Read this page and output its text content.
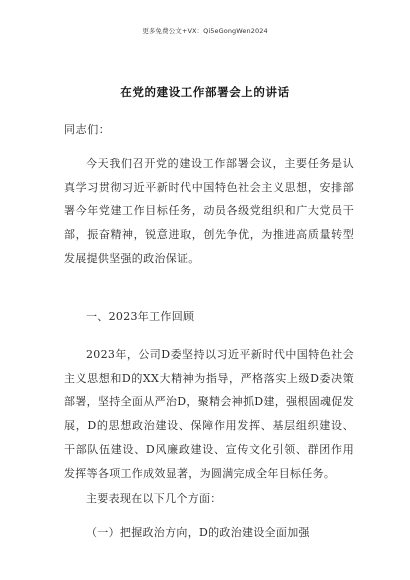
更多免费公文+VX：Qi5eGongWen2024
在党的建设工作部署会上的讲话
同志们：

今天我们召开党的建设工作部署会议，主要任务是认真学习贯彻习近平新时代中国特色社会主义思想，安排部署今年党建工作目标任务，动员各级党组织和广大党员干部，振奋精神，锐意进取，创先争优，为推进高质量转型发展提供坚强的政治保证。

一、2023年工作回顾

2023年，公司D委坚持以习近平新时代中国特色社会主义思想和D的XX大精神为指导，严格落实上级D委决策部署，坚持全面从严治D，聚精会神抓D建，强根固魂促发展，D的思想政治建设、保障作用发挥、基层组织建设、干部队伍建设、D风廉政建设、宣传文化引领、群团作用发挥等各项工作成效显著，为圆满完成全年目标任务。

主要表现在以下几个方面：

（一）把握政治方向，D的政治建设全面加强
